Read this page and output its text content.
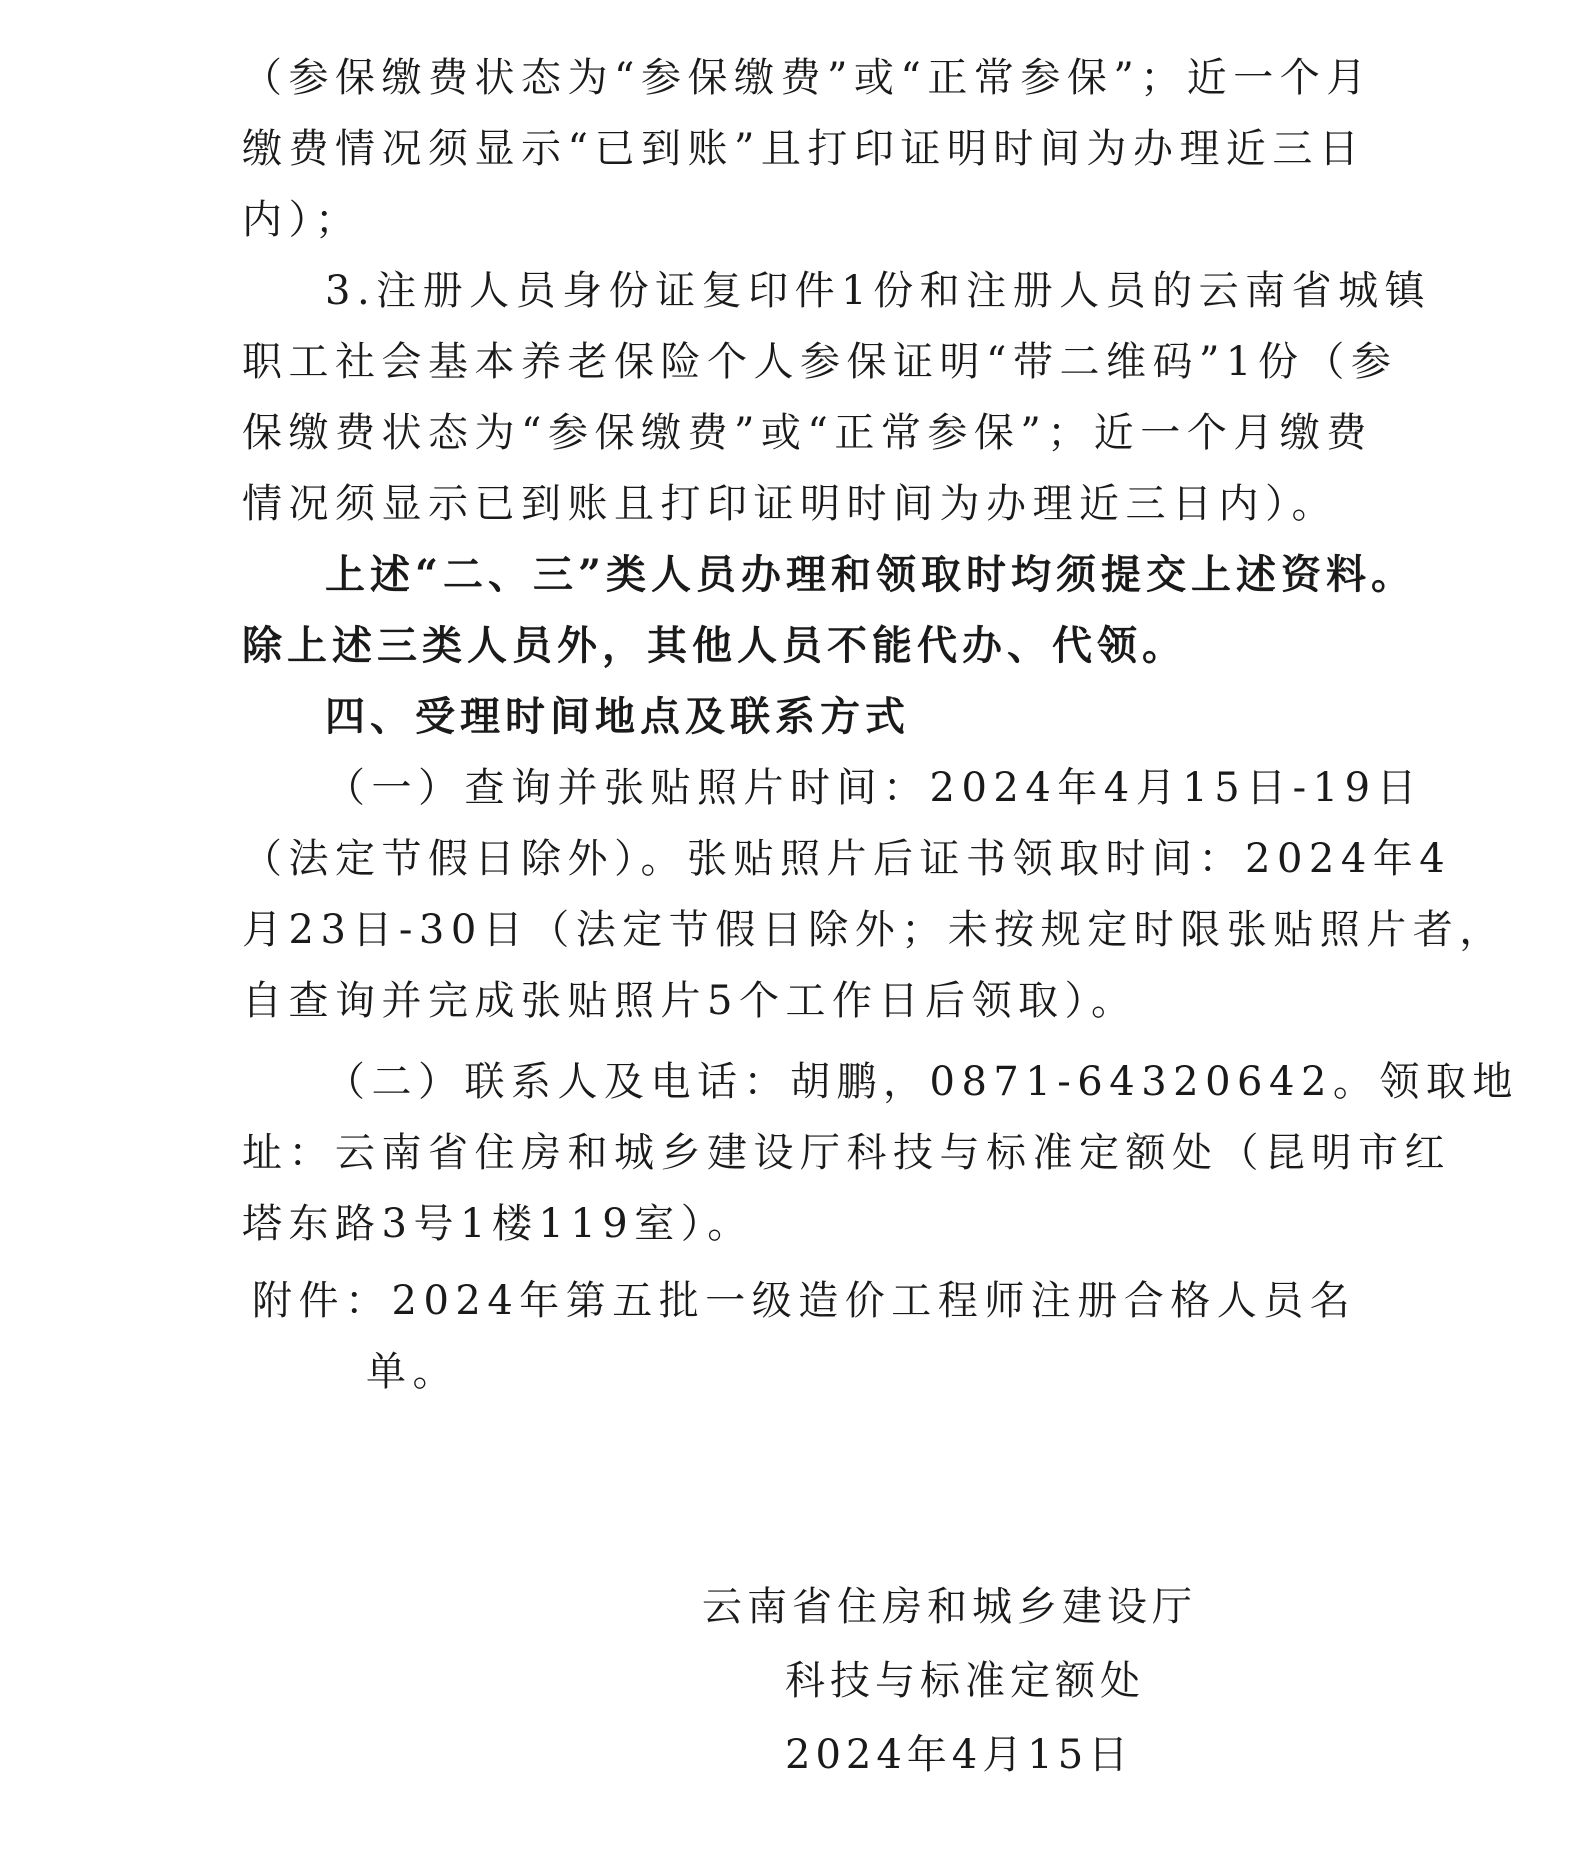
（参保缴费状态为“参保缴费”或“正常参保”；近一个月
缴费情况须显示“已到账”且打印证明时间为办理近三日
内）；
3.注册人员身份证复印件1份和注册人员的云南省城镇
职工社会基本养老保险个人参保证明“带二维码”1份（参
保缴费状态为“参保缴费”或“正常参保”；近一个月缴费
情况须显示已到账且打印证明时间为办理近三日内）。
上述“二、三”类人员办理和领取时均须提交上述资料。
除上述三类人员外，其他人员不能代办、代领。
四、受理时间地点及联系方式
（一）查询并张贴照片时间：2024年4月15日-19日
（法定节假日除外）。张贴照片后证书领取时间：2024年4
月23日-30日（法定节假日除外；未按规定时限张贴照片者，
自查询并完成张贴照片5个工作日后领取）。
（二）联系人及电话：胡鹏，0871-64320642。领取地
址：云南省住房和城乡建设厅科技与标准定额处（昆明市红
塔东路3号1楼119室）。
附件：2024年第五批一级造价工程师注册合格人员名
单。
云南省住房和城乡建设厅
科技与标准定额处
2024年4月15日
